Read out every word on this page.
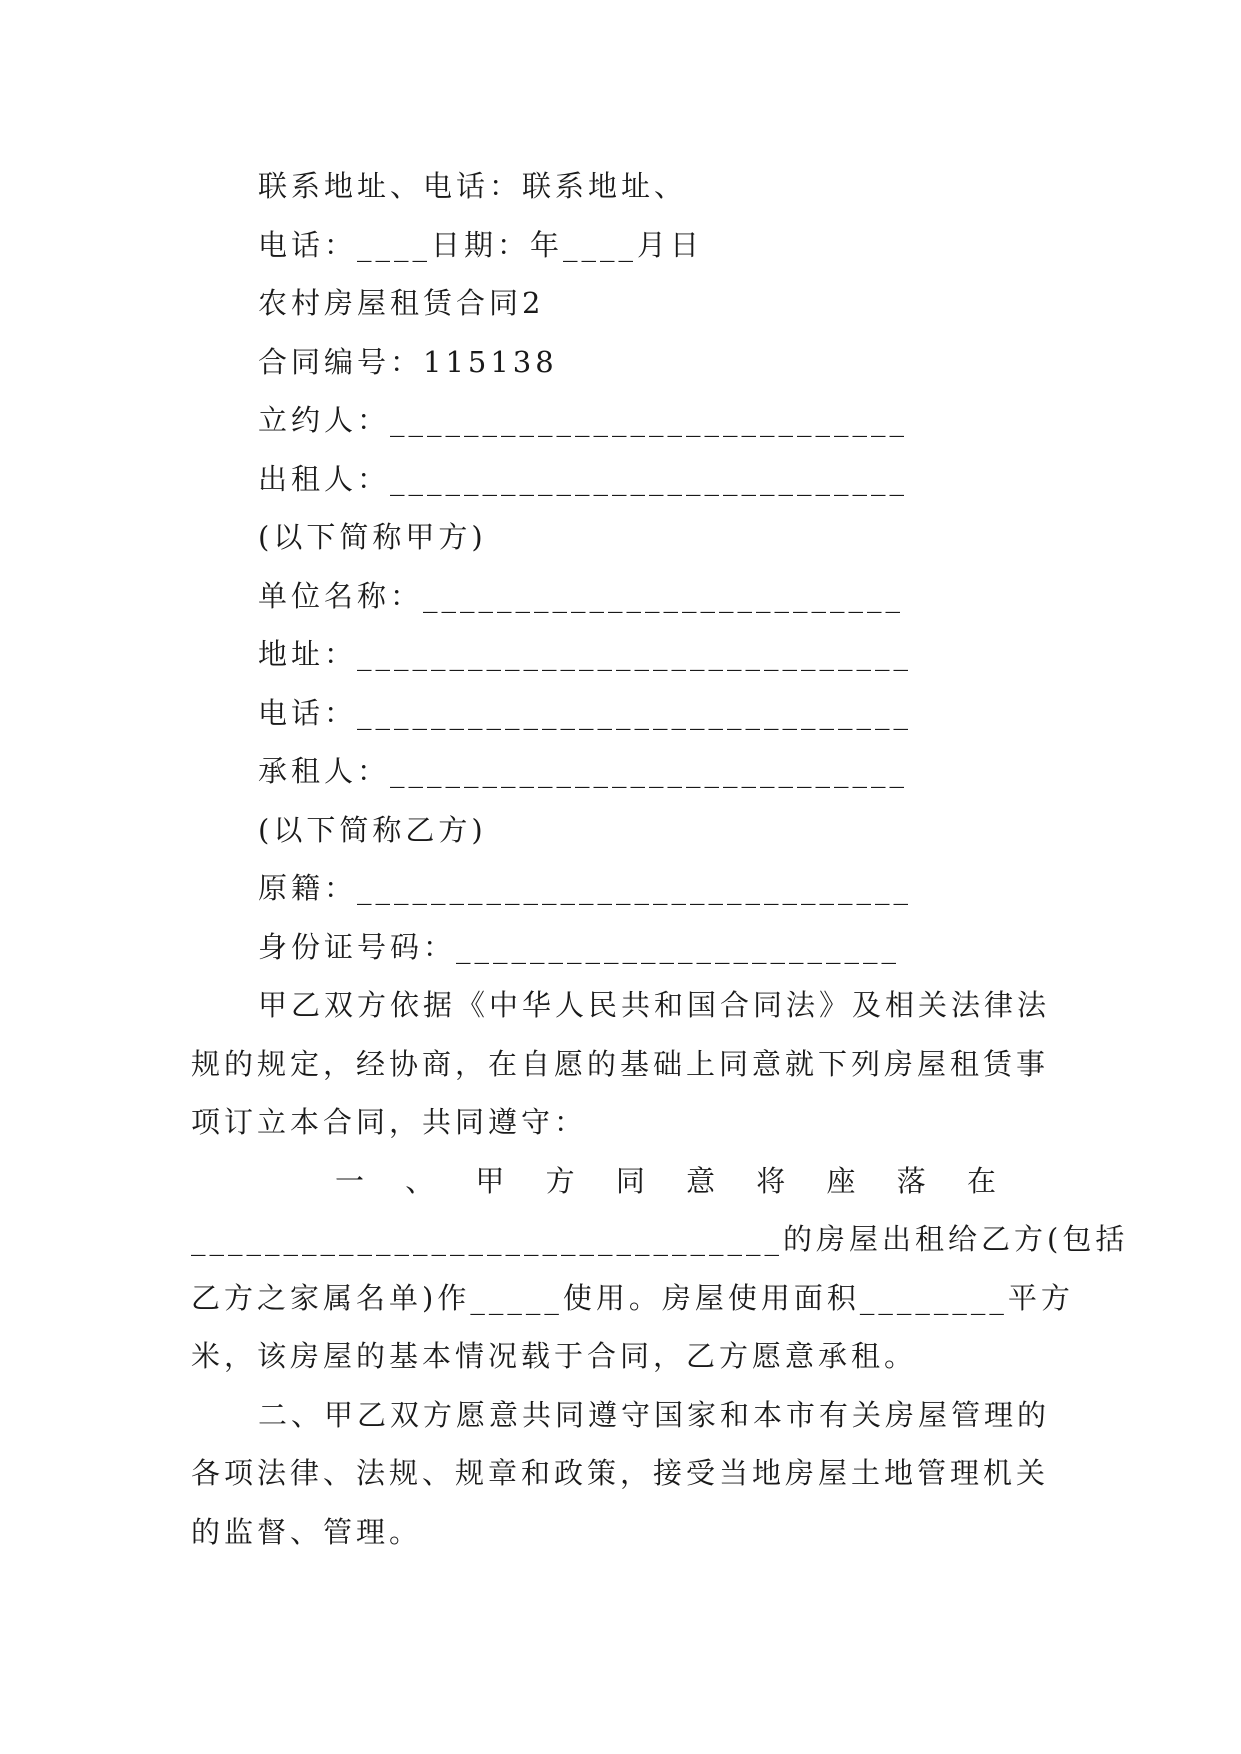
联系地址、电话：联系地址、
电话：____日期：年____月日
农村房屋租赁合同2
合同编号：115138
立约人：____________________________
出租人：____________________________
(以下简称甲方)
单位名称：__________________________
地址：______________________________
电话：______________________________
承租人：____________________________
(以下简称乙方)
原籍：______________________________
身份证号码：________________________
甲乙双方依据《中华人民共和国合同法》及相关法律法
规的规定，经协商，在自愿的基础上同意就下列房屋租赁事
项订立本合同，共同遵守：
一 、 甲 方 同 意 将 座 落 在
________________________________的房屋出租给乙方(包括
乙方之家属名单)作_____使用。房屋使用面积________平方
米，该房屋的基本情况载于合同，乙方愿意承租。
二、甲乙双方愿意共同遵守国家和本市有关房屋管理的
各项法律、法规、规章和政策，接受当地房屋土地管理机关
的监督、管理。
